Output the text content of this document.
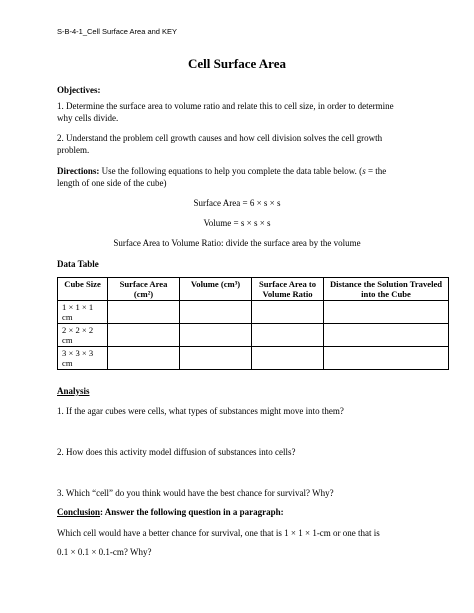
S-B-4-1_Cell Surface Area and KEY
Cell Surface Area
Objectives:
1. Determine the surface area to volume ratio and relate this to cell size, in order to determine
why cells divide.
2. Understand the problem cell growth causes and how cell division solves the cell growth
problem.
Directions: Use the following equations to help you complete the data table below. (s = the
length of one side of the cube)
Surface Area = 6 × s × s
Volume = s × s × s
Surface Area to Volume Ratio: divide the surface area by the volume
Data Table
Cube Size	Surface Area (cm²)	Volume (cm³)	Surface Area to Volume Ratio	Distance the Solution Traveled into the Cube
1 × 1 × 1 cm				
2 × 2 × 2 cm				
3 × 3 × 3 cm				
Analysis
1. If the agar cubes were cells, what types of substances might move into them?
2. How does this activity model diffusion of substances into cells?
3. Which “cell” do you think would have the best chance for survival? Why?
Conclusion: Answer the following question in a paragraph:
Which cell would have a better chance for survival, one that is 1 × 1 × 1-cm or one that is
0.1 × 0.1 × 0.1-cm? Why?
